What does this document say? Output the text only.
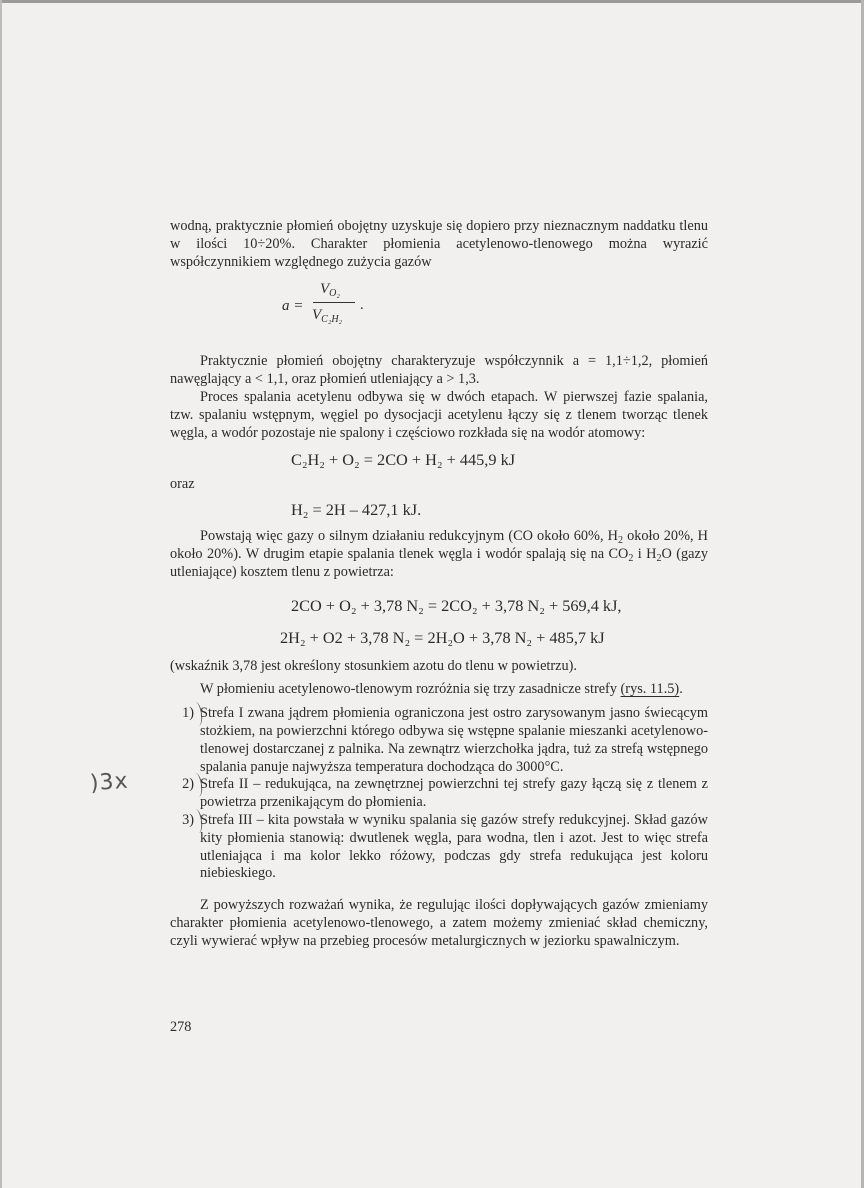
)3x

wodną, praktycznie płomień obojętny uzyskuje się dopiero przy nieznacznym naddatku tlenu w ilości 10÷20%. Charakter płomienia acetylenowo-tlenowego można wyrazić współczynnikiem względnego zużycia gazów

a =
$V_{O_2}$
$V_{C_2H_2}$
.

Praktycznie płomień obojętny charakteryzuje współczynnik a = 1,1÷1,2, płomień nawęglający a < 1,1, oraz płomień utleniający a > 1,3.

Proces spalania acetylenu odbywa się w dwóch etapach. W pierwszej fazie spalania, tzw. spalaniu wstępnym, węgiel po dysocjacji acetylenu łączy się z tlenem tworząc tlenek węgla, a wodór pozostaje nie spalony i częściowo rozkłada się na wodór atomowy:

C₂H₂ + O₂ = 2CO + H₂ + 445,9 kJ

oraz

H₂ = 2H – 427,1 kJ.

Powstają więc gazy o silnym działaniu redukcyjnym (CO około 60%, $H_2$ około 20%, H około 20%). W drugim etapie spalania tlenek węgla i wodór spalają się na $CO_2$ i $H_2O$ (gazy utleniające) kosztem tlenu z powietrza:

2CO + O₂ + 3,78 N₂ = 2CO₂ + 3,78 N₂ + 569,4 kJ,
2H₂ + O2 + 3,78 N₂ = 2H₂O + 3,78 N₂ + 485,7 kJ

(wskaźnik 3,78 jest określony stosunkiem azotu do tlenu w powietrzu).

W płomieniu acetylenowo-tlenowym rozróżnia się trzy zasadnicze strefy (rys. 11.5).

1) Strefa I zwana jądrem płomienia ograniczona jest ostro zarysowanym jasno świecącym stożkiem, na powierzchni którego odbywa się wstępne spalanie mieszanki acetylenowo-tlenowej dostarczanej z palnika. Na zewnątrz wierzchołka jądra, tuż za strefą wstępnego spalania panuje najwyższa temperatura dochodząca do 3000°C.
2) Strefa II – redukująca, na zewnętrznej powierzchni tej strefy gazy łączą się z tlenem z powietrza przenikającym do płomienia.
3) Strefa III – kita powstała w wyniku spalania się gazów strefy redukcyjnej. Skład gazów kity płomienia stanowią: dwutlenek węgla, para wodna, tlen i azot. Jest to więc strefa utleniająca i ma kolor lekko różowy, podczas gdy strefa redukująca jest koloru niebieskiego.

Z powyższych rozważań wynika, że regulując ilości dopływających gazów zmieniamy charakter płomienia acetylenowo-tlenowego, a zatem możemy zmieniać skład chemiczny, czyli wywierać wpływ na przebieg procesów metalurgicznych w jeziorku spawalniczym.

278
